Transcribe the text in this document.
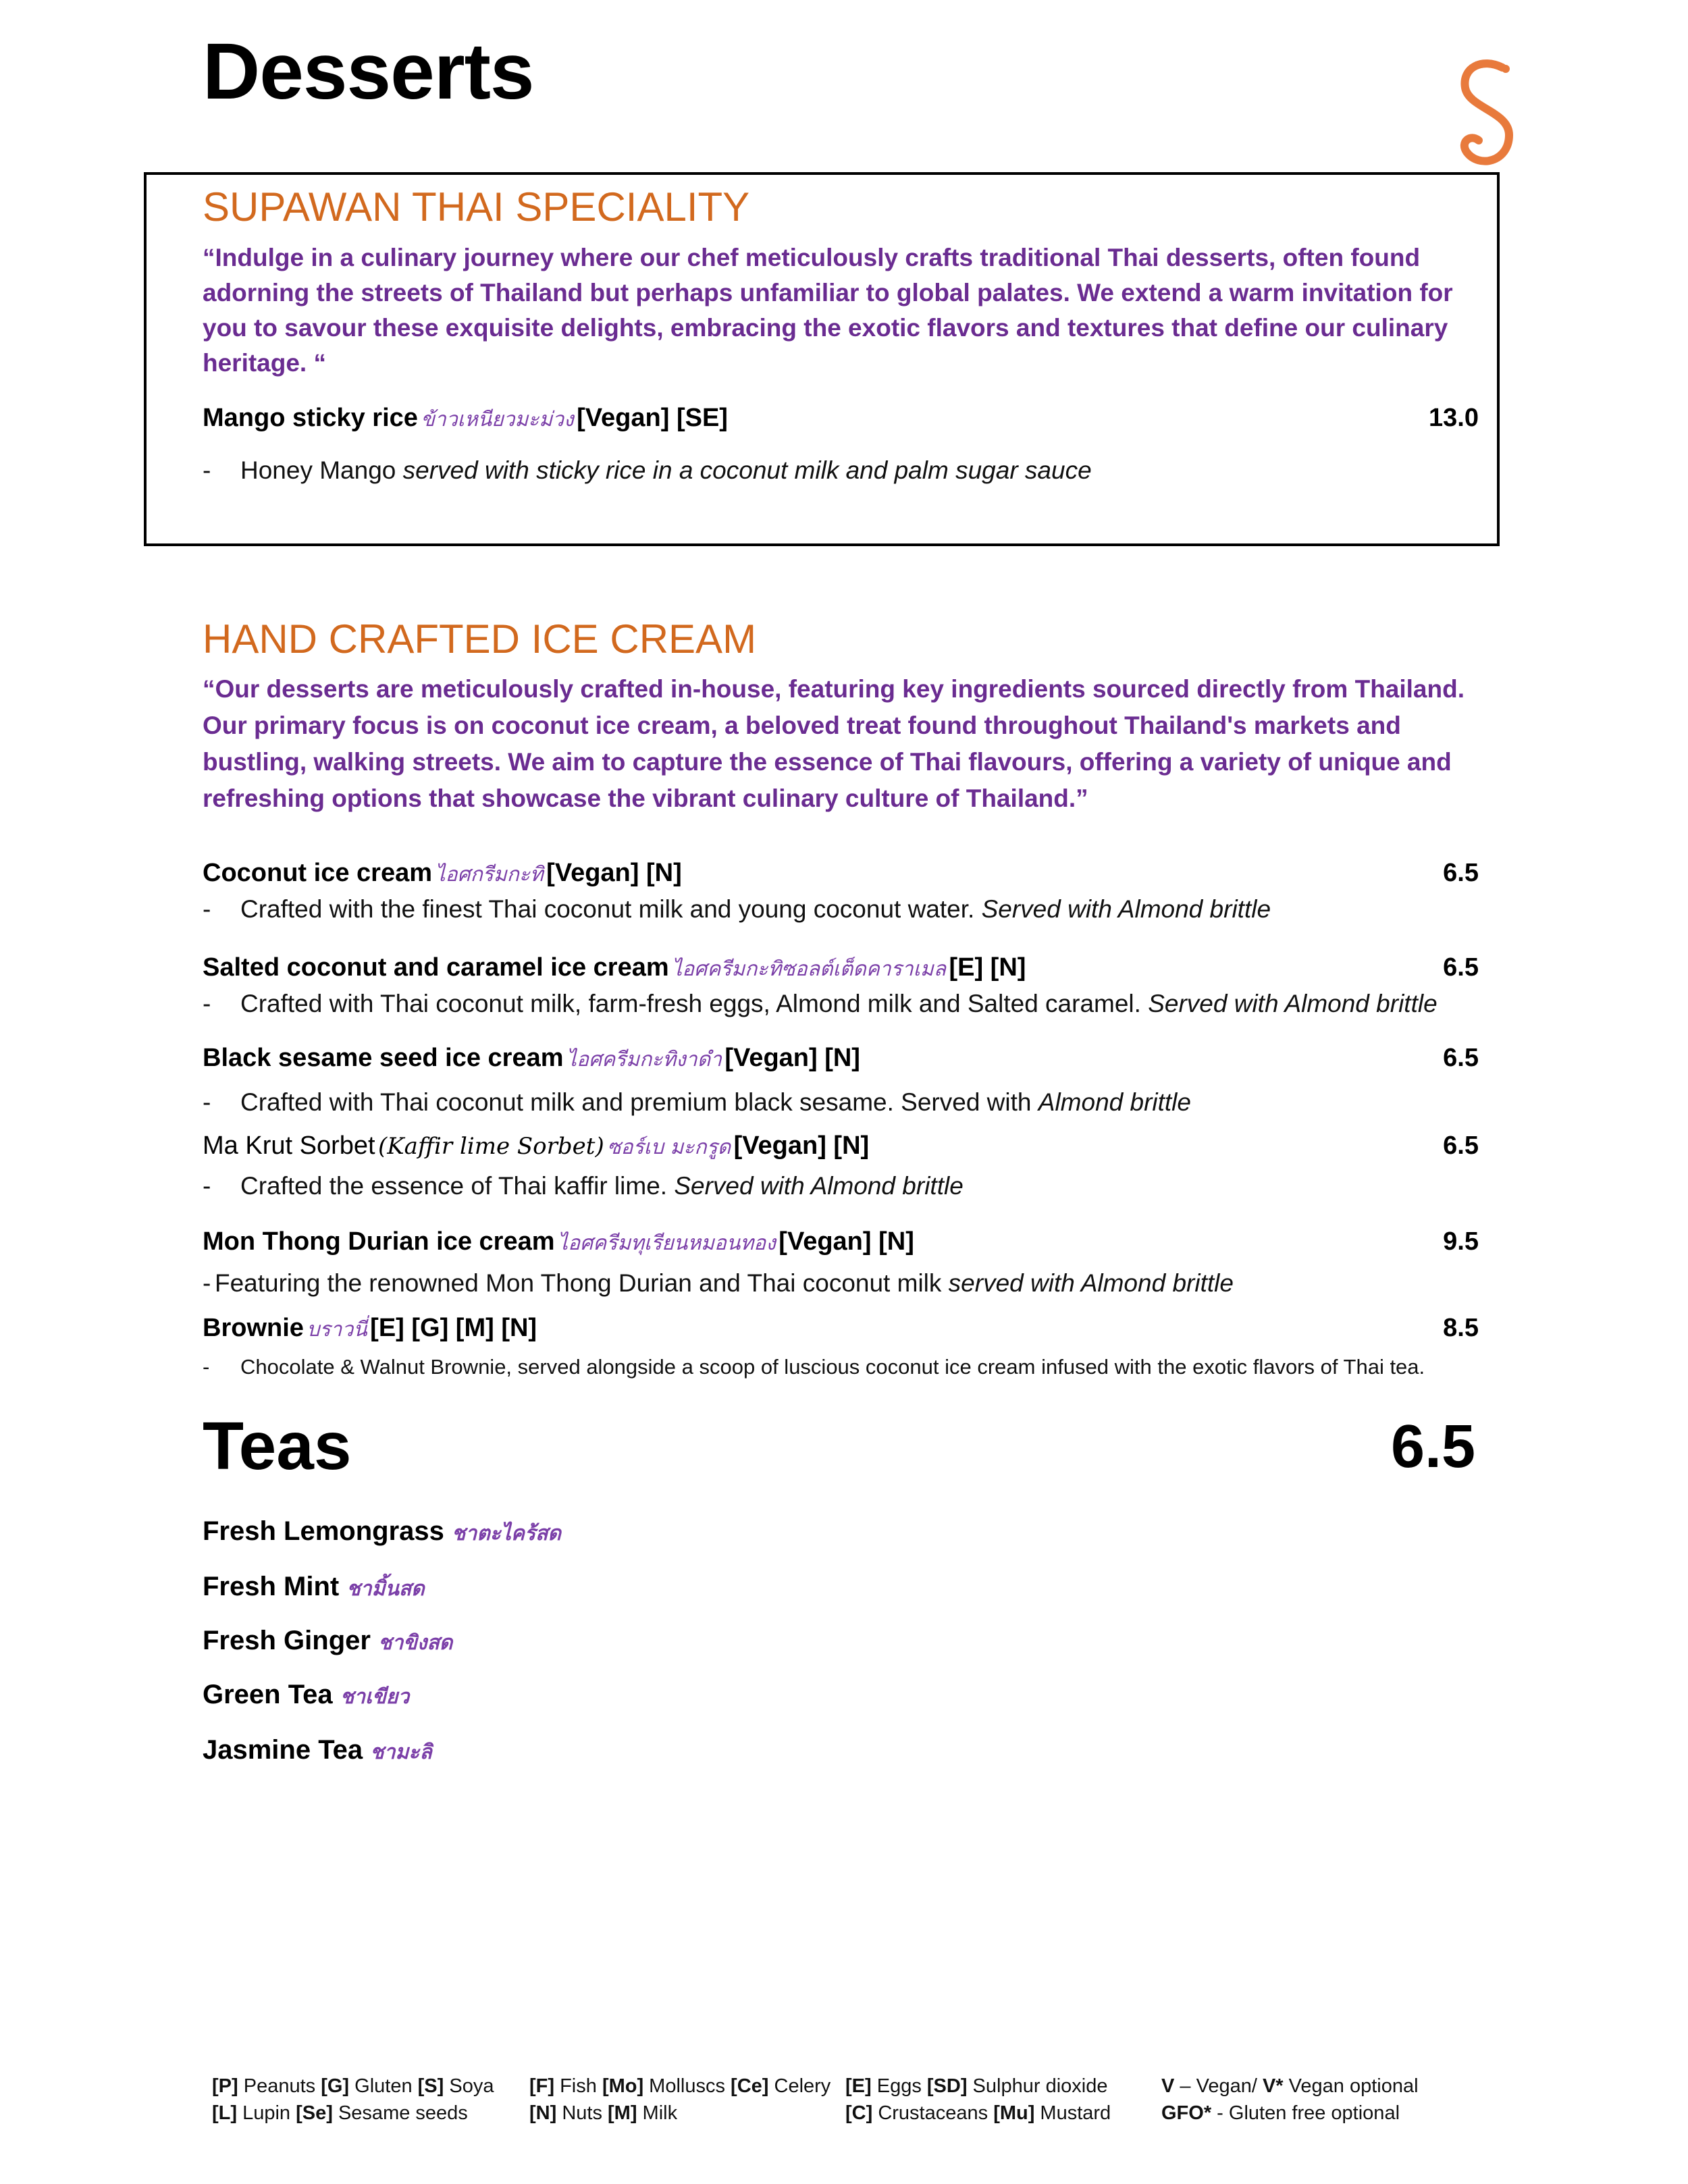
Desserts
SUPAWAN THAI SPECIALITY
“Indulge in a culinary journey where our chef meticulously crafts traditional Thai desserts, often found adorning the streets of Thailand but perhaps unfamiliar to global palates. We extend a warm invitation for you to savour these exquisite delights, embracing the exotic flavors and textures that define our culinary heritage. “
Mango sticky rice ข้าวเหนียวมะม่วง [Vegan] [SE]	13.0
-	Honey Mango served with sticky rice in a coconut milk and palm sugar sauce
HAND CRAFTED ICE CREAM
“Our desserts are meticulously crafted in-house, featuring key ingredients sourced directly from Thailand. Our primary focus is on coconut ice cream, a beloved treat found throughout Thailand's markets and bustling, walking streets. We aim to capture the essence of Thai flavours, offering a variety of unique and refreshing options that showcase the vibrant culinary culture of Thailand.”
Coconut ice cream ไอศกรีมกะทิ [Vegan] [N]	6.5
-	Crafted with the finest Thai coconut milk and young coconut water. Served with Almond brittle
Salted coconut and caramel ice cream ไอศครีมกะทิซอลต์เต็ดคาราเมล [E] [N]	6.5
-	Crafted with Thai coconut milk, farm-fresh eggs, Almond milk and Salted caramel. Served with Almond brittle
Black sesame seed ice cream ไอศครีมกะทิงาดำ [Vegan] [N]	6.5
-	Crafted with Thai coconut milk and premium black sesame. Served with Almond brittle
Ma Krut Sorbet (Kaffir lime Sorbet) ซอร์เบ มะกรูด [Vegan] [N]	6.5
-	Crafted the essence of Thai kaffir lime. Served with Almond brittle
Mon Thong Durian ice cream ไอศครีมทุเรียนหมอนทอง [Vegan] [N]	9.5
- Featuring the renowned Mon Thong Durian and Thai coconut milk served with Almond brittle
Brownie บราวนี่ [E] [G] [M] [N]	8.5
-	Chocolate & Walnut Brownie, served alongside a scoop of luscious coconut ice cream infused with the exotic flavors of Thai tea.
Teas	6.5
Fresh Lemongrass ชาตะไคร้สด
Fresh Mint ชามิ้นสด
Fresh Ginger ชาขิงสด
Green Tea ชาเขียว
Jasmine Tea ชามะลิ
[P] Peanuts [G] Gluten [S] Soya
[L] Lupin [Se] Sesame seeds
[F] Fish [Mo] Molluscs [Ce] Celery
[N] Nuts [M] Milk
[E] Eggs [SD] Sulphur dioxide
[C] Crustaceans [Mu] Mustard
V – Vegan/ V* Vegan optional
GFO* - Gluten free optional
